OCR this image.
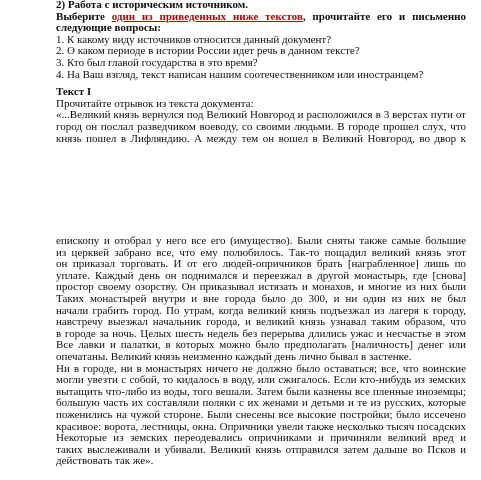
2) Работа с историческим источником.
Выберите один из приведенных ниже текстов, прочитайте его и письменно
следующие вопросы:
1. К какому виду источников относится данный документ?
2. О каком периоде в истории России идет речь в данном тексте?
3. Кто был главой государства в это время?
4. На Ваш взгляд, текст написан нашим соотечественником или иностранцем?
Текст I
Прочитайте отрывок из текста документа:
«...Великий князь вернулся под Великий Новгород и расположился в 3 верстах пути от
город он послал разведчиком воеводу, со своими людьми. В городе прошел слух, что
князь пошел в Лифляндию. А между тем он вошел в Великий Новгород, во двор к
епископу и отобрал у него все его (имущество). Были сняты также самые большие
из церквей забрано все, что ему полюбилось. Так-то пощадил великий князь этот
он приказал торговать. И от его людей-опричников брать [награбленное] лишь по
уплате. Каждый день он поднимался и переезжал в другой монастырь, где [снова]
простор своему озорству. Он приказывал истязать и монахов, и многие из них были
Таких монастырей внутри и вне города было до 300, и ни один из них не был
начали грабить город. По утрам, когда великий князь подъезжал из лагеря к городу,
навстречу выезжал начальник города, и великий князь узнавал таким образом, что
в городе за ночь. Целых шесть недель без перерыва длились ужас и несчастье в этом
Все лавки и палатки, в которых можно было предполагать [наличность] денег или
опечатаны. Великий князь неизменно каждый день лично бывал в застенке.
Ни в городе, ни в монастырях ничего не должно было оставаться; все, что воинские
могли увезти с собой, то кидалось в воду, или сжигалось. Если кто-нибудь из земских
вытащить что-либо из воды, того вешали. Затем были казнены все пленные иноземцы;
большую часть их составляли поляки с их женами и детьми и те из русских, которые
поженились на чужой стороне. Были снесены все высокие постройки; было иссечено
красивое: ворота, лестницы, окна. Опричники увели также несколько тысяч посадских
Некоторые из земских переодевались опричниками и причиняли великий вред и
таких выслеживали и убивали. Великий князь отправился затем дальше во Псков и
действовать так же».
